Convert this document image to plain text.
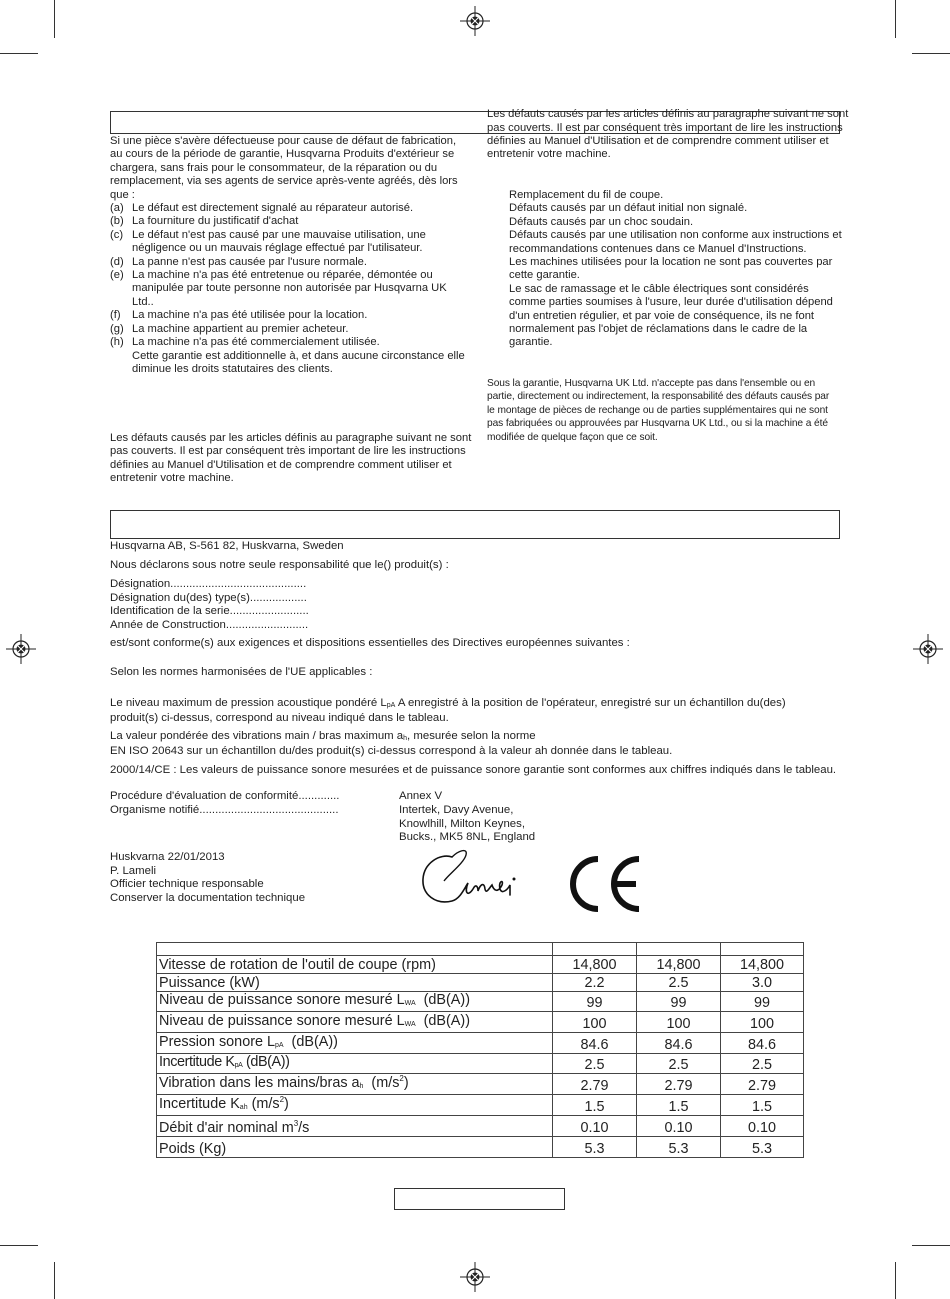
Si une pièce s'avère défectueuse pour cause de défaut de fabrication, au cours de la période de garantie, Husqvarna Produits d'extérieur se chargera, sans frais pour le consommateur, de la réparation ou du remplacement, via ses agents de service après-vente agréés, dès lors que :

(a) Le défaut est directement signalé au réparateur autorisé.
(b) La fourniture du justificatif d'achat
(c) Le défaut n'est pas causé par une mauvaise utilisation, une négligence ou un mauvais réglage effectué par l'utilisateur.
(d) La panne n'est pas causée par l'usure normale.
(e) La machine n'a pas été entretenue ou réparée, démontée ou manipulée par toute personne non autorisée par Husqvarna UK Ltd..
(f) La machine n'a pas été utilisée pour la location.
(g) La machine appartient au premier acheteur.
(h) La machine n'a pas été commercialement utilisée.

Cette garantie est additionnelle à, et dans aucune circonstance elle diminue les droits statutaires des clients.

Les défauts causés par les articles définis au paragraphe suivant ne sont pas couverts. Il est par conséquent très important de lire les instructions définies au Manuel d'Utilisation et de comprendre comment utiliser et entretenir votre machine.
Les défauts causés par les articles définis au paragraphe suivant ne sont pas couverts. Il est par conséquent très important de lire les instructions définies au Manuel d'Utilisation et de comprendre comment utiliser et entretenir votre machine.
Remplacement du fil de coupe.
Défauts causés par un défaut initial non signalé.
Défauts causés par un choc soudain.
Défauts causés par une utilisation non conforme aux instructions et recommandations contenues dans ce Manuel d'Instructions.
Les machines utilisées pour la location ne sont pas couvertes par cette garantie.
Le sac de ramassage et le câble électriques sont considérés comme parties soumises à l'usure, leur durée d'utilisation dépend d'un entretien régulier, et par voie de conséquence, ils ne font normalement pas l'objet de réclamations dans le cadre de la garantie.
Sous la garantie, Husqvarna UK Ltd. n'accepte pas dans l'ensemble ou en partie, directement ou indirectement, la responsabilité des défauts causés par le montage de pièces de rechange ou de parties supplémentaires qui ne sont pas fabriquées ou approuvées par Husqvarna UK Ltd., ou si la machine a été modifiée de quelque façon que ce soit.
Husqvarna AB, S-561 82, Huskvarna, Sweden
Nous déclarons sous notre seule responsabilité que le() produit(s) :
Désignation...........................................
Désignation du(des) type(s)..................
Identification de la serie.........................
Année de Construction..........................
est/sont conforme(s) aux exigences et dispositions essentielles des Directives européennes suivantes :
Selon les normes harmonisées de l'UE applicables :
Le niveau maximum de pression acoustique pondéré LpA A enregistré à la position de l'opérateur, enregistré sur un échantillon du(des) produit(s) ci-dessus, correspond au niveau indiqué dans le tableau.
La valeur pondérée des vibrations main / bras maximum ah, mesurée selon la norme
EN ISO 20643 sur un échantillon du/des produit(s) ci-dessus correspond à la valeur ah donnée dans le tableau.
2000/14/CE : Les valeurs de puissance sonore mesurées et de puissance sonore garantie sont conformes aux chiffres indiqués dans le tableau.
Procédure d'évaluation de conformité.............	Annex V
Organisme notifié............................................	Intertek, Davy Avenue,
Knowlhill, Milton Keynes,
Bucks., MK5 8NL, England
Huskvarna 22/01/2013
P. Lameli
Officier technique responsable
Conserver la documentation technique

Vitesse de rotation de l'outil de coupe (rpm)	14,800	14,800	14,800
Puissance (kW)	2.2	2.5	3.0
Niveau de puissance sonore mesuré LWA  (dB(A))	99	99	99
Niveau de puissance sonore mesuré LWA  (dB(A))	100	100	100
Pression sonore LpA  (dB(A))	84.6	84.6	84.6
Incertitude KpA (dB(A))	2.5	2.5	2.5
Vibration dans les mains/bras ah  $(m/s^2)$	2.79	2.79	2.79
Incertitude Kah $(m/s^2)$	1.5	1.5	1.5
Débit d'air nominal $m^3/s$	0.10	0.10	0.10
Poids (Kg)	5.3	5.3	5.3
